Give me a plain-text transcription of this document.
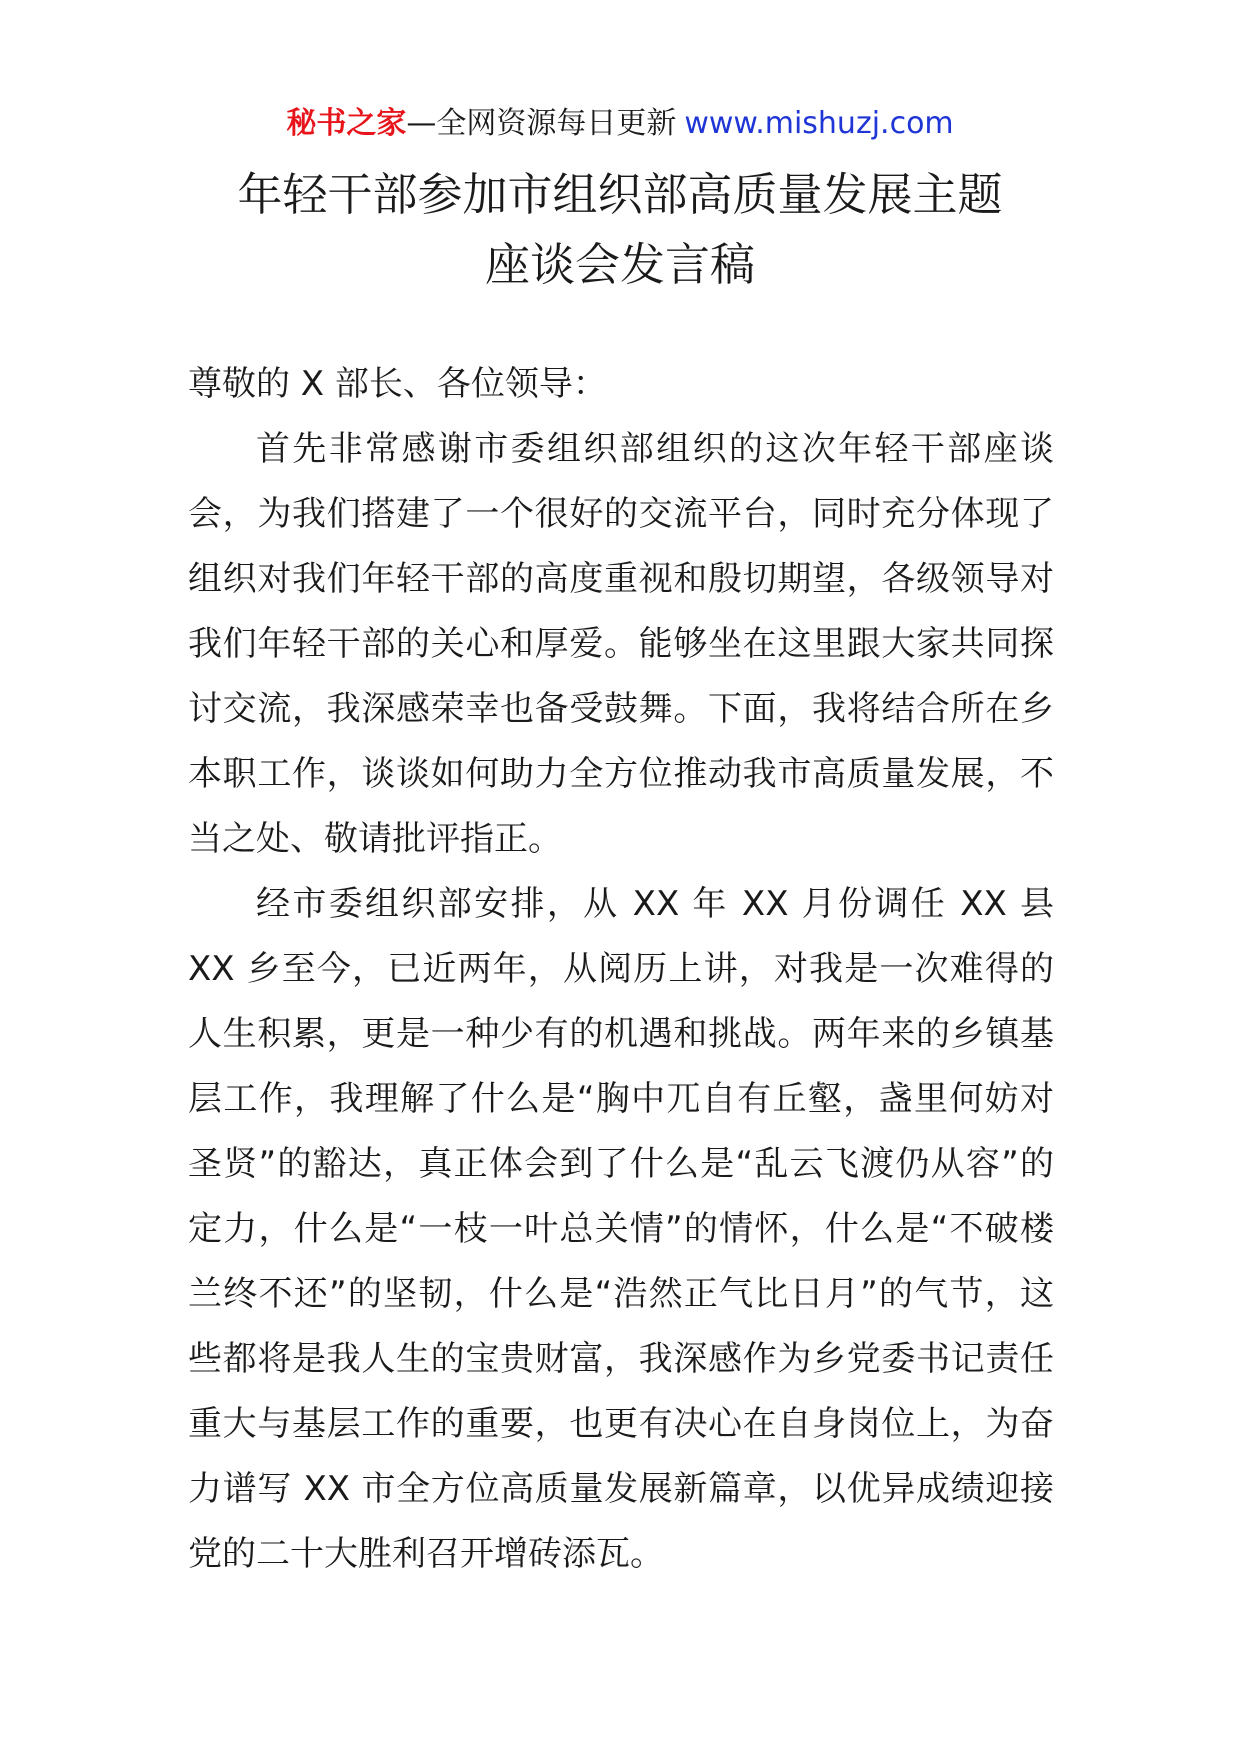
秘书之家—全网资源每日更新 www.mishuzj.com
年轻干部参加市组织部高质量发展主题
座谈会发言稿

尊敬的 X 部长、各位领导：

首先非常感谢市委组织部组织的这次年轻干部座谈会，为我们搭建了一个很好的交流平台，同时充分体现了组织对我们年轻干部的高度重视和殷切期望，各级领导对我们年轻干部的关心和厚爱。能够坐在这里跟大家共同探讨交流，我深感荣幸也备受鼓舞。下面，我将结合所在乡本职工作，谈谈如何助力全方位推动我市高质量发展，不当之处、敬请批评指正。

经市委组织部安排，从 XX 年 XX 月份调任 XX 县 XX 乡至今，已近两年，从阅历上讲，对我是一次难得的人生积累，更是一种少有的机遇和挑战。两年来的乡镇基层工作，我理解了什么是“胸中兀自有丘壑，盏里何妨对圣贤”的豁达，真正体会到了什么是“乱云飞渡仍从容”的定力，什么是“一枝一叶总关情”的情怀，什么是“不破楼兰终不还”的坚韧，什么是“浩然正气比日月”的气节，这些都将是我人生的宝贵财富，我深感作为乡党委书记责任重大与基层工作的重要，也更有决心在自身岗位上，为奋力谱写 XX 市全方位高质量发展新篇章，以优异成绩迎接党的二十大胜利召开增砖添瓦。
